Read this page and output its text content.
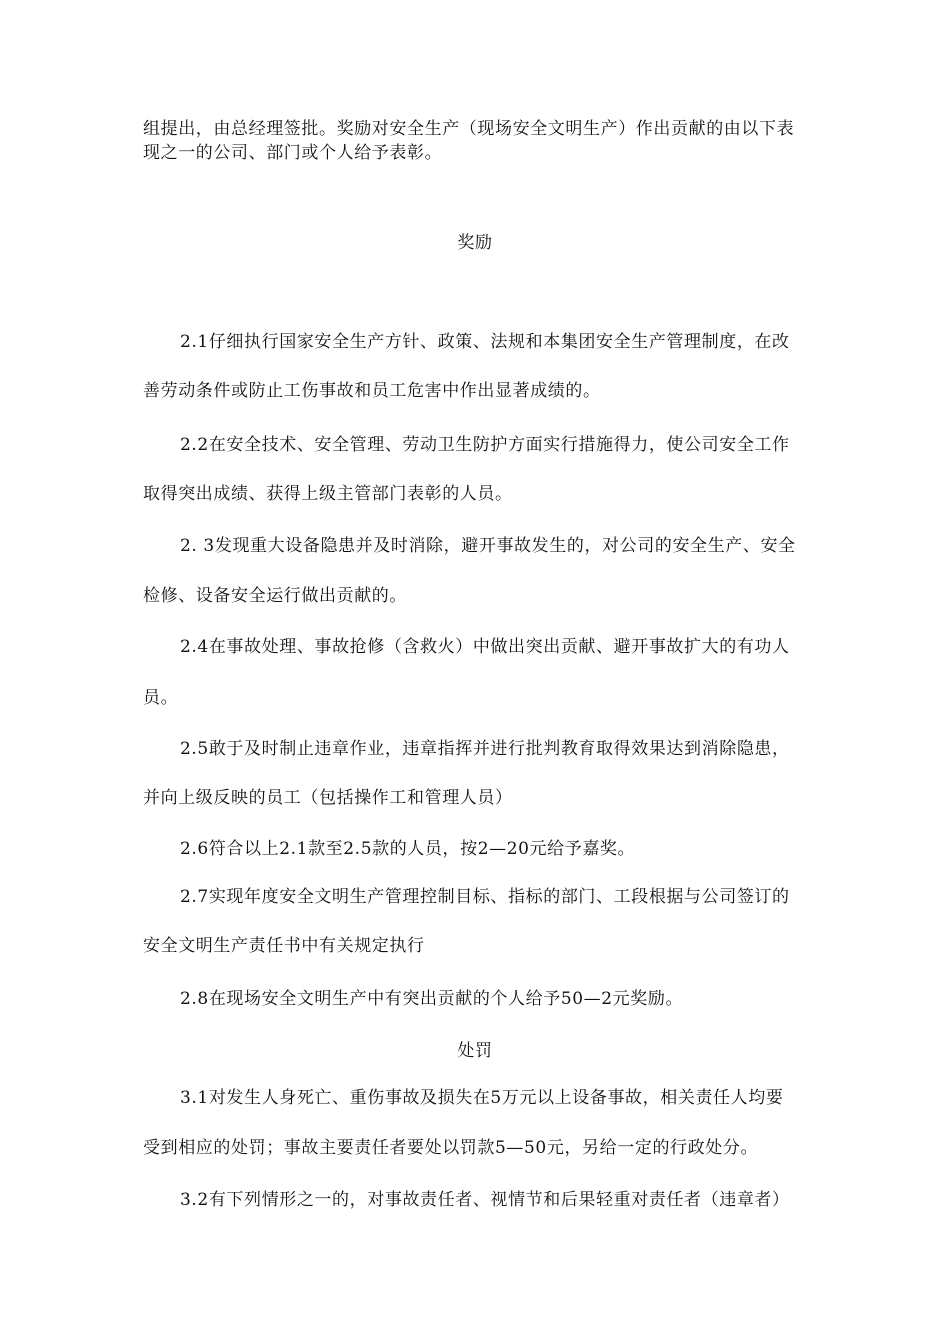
组提出，由总经理签批。奖励对安全生产（现场安全文明生产）作出贡献的由以下表
现之一的公司、部门或个人给予表彰。
奖励
2.1仔细执行国家安全生产方针、政策、法规和本集团安全生产管理制度，在改
善劳动条件或防止工伤事故和员工危害中作出显著成绩的。
2.2在安全技术、安全管理、劳动卫生防护方面实行措施得力，使公司安全工作
取得突出成绩、获得上级主管部门表彰的人员。
2. 3发现重大设备隐患并及时消除，避开事故发生的，对公司的安全生产、安全
检修、设备安全运行做出贡献的。
2.4在事故处理、事故抢修（含救火）中做出突出贡献、避开事故扩大的有功人
员。
2.5敢于及时制止违章作业，违章指挥并进行批判教育取得效果达到消除隐患，
并向上级反映的员工（包括操作工和管理人员）
2.6符合以上2.1款至2.5款的人员，按2—20元给予嘉奖。
2.7实现年度安全文明生产管理控制目标、指标的部门、工段根据与公司签订的
安全文明生产责任书中有关规定执行
2.8在现场安全文明生产中有突出贡献的个人给予50—2元奖励。
处罚
3.1对发生人身死亡、重伤事故及损失在5万元以上设备事故，相关责任人均要
受到相应的处罚；事故主要责任者要处以罚款5—50元，另给一定的行政处分。
3.2有下列情形之一的，对事故责任者、视情节和后果轻重对责任者（违章者）
